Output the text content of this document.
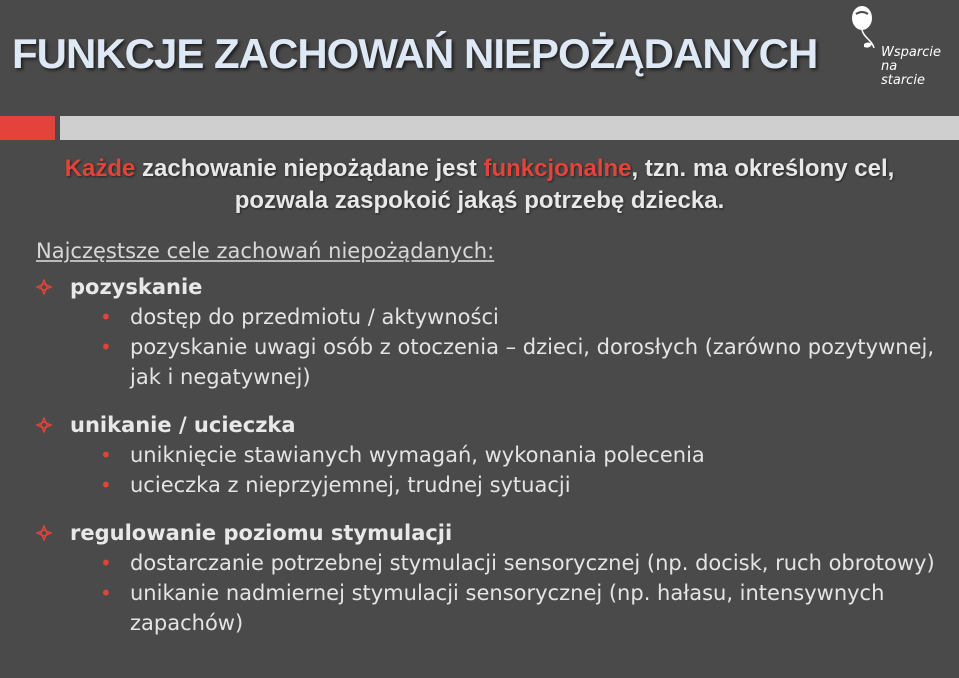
FUNKCJE ZACHOWAŃ NIEPOŻĄDANYCH	Wsparcie
na
starcie
Każde zachowanie niepożądane jest funkcjonalne, tzn. ma określony cel,
pozwala zaspokoić jakąś potrzebę dziecka.
Najczęstsze cele zachowań niepożądanych:
pozyskanie
• dostęp do przedmiotu / aktywności
• pozyskanie uwagi osób z otoczenia – dzieci, dorosłych (zarówno pozytywnej, jak i negatywnej)
unikanie / ucieczka
• uniknięcie stawianych wymagań, wykonania polecenia
• ucieczka z nieprzyjemnej, trudnej sytuacji
regulowanie poziomu stymulacji
• dostarczanie potrzebnej stymulacji sensorycznej (np. docisk, ruch obrotowy)
• unikanie nadmiernej stymulacji sensorycznej (np. hałasu, intensywnych zapachów)
